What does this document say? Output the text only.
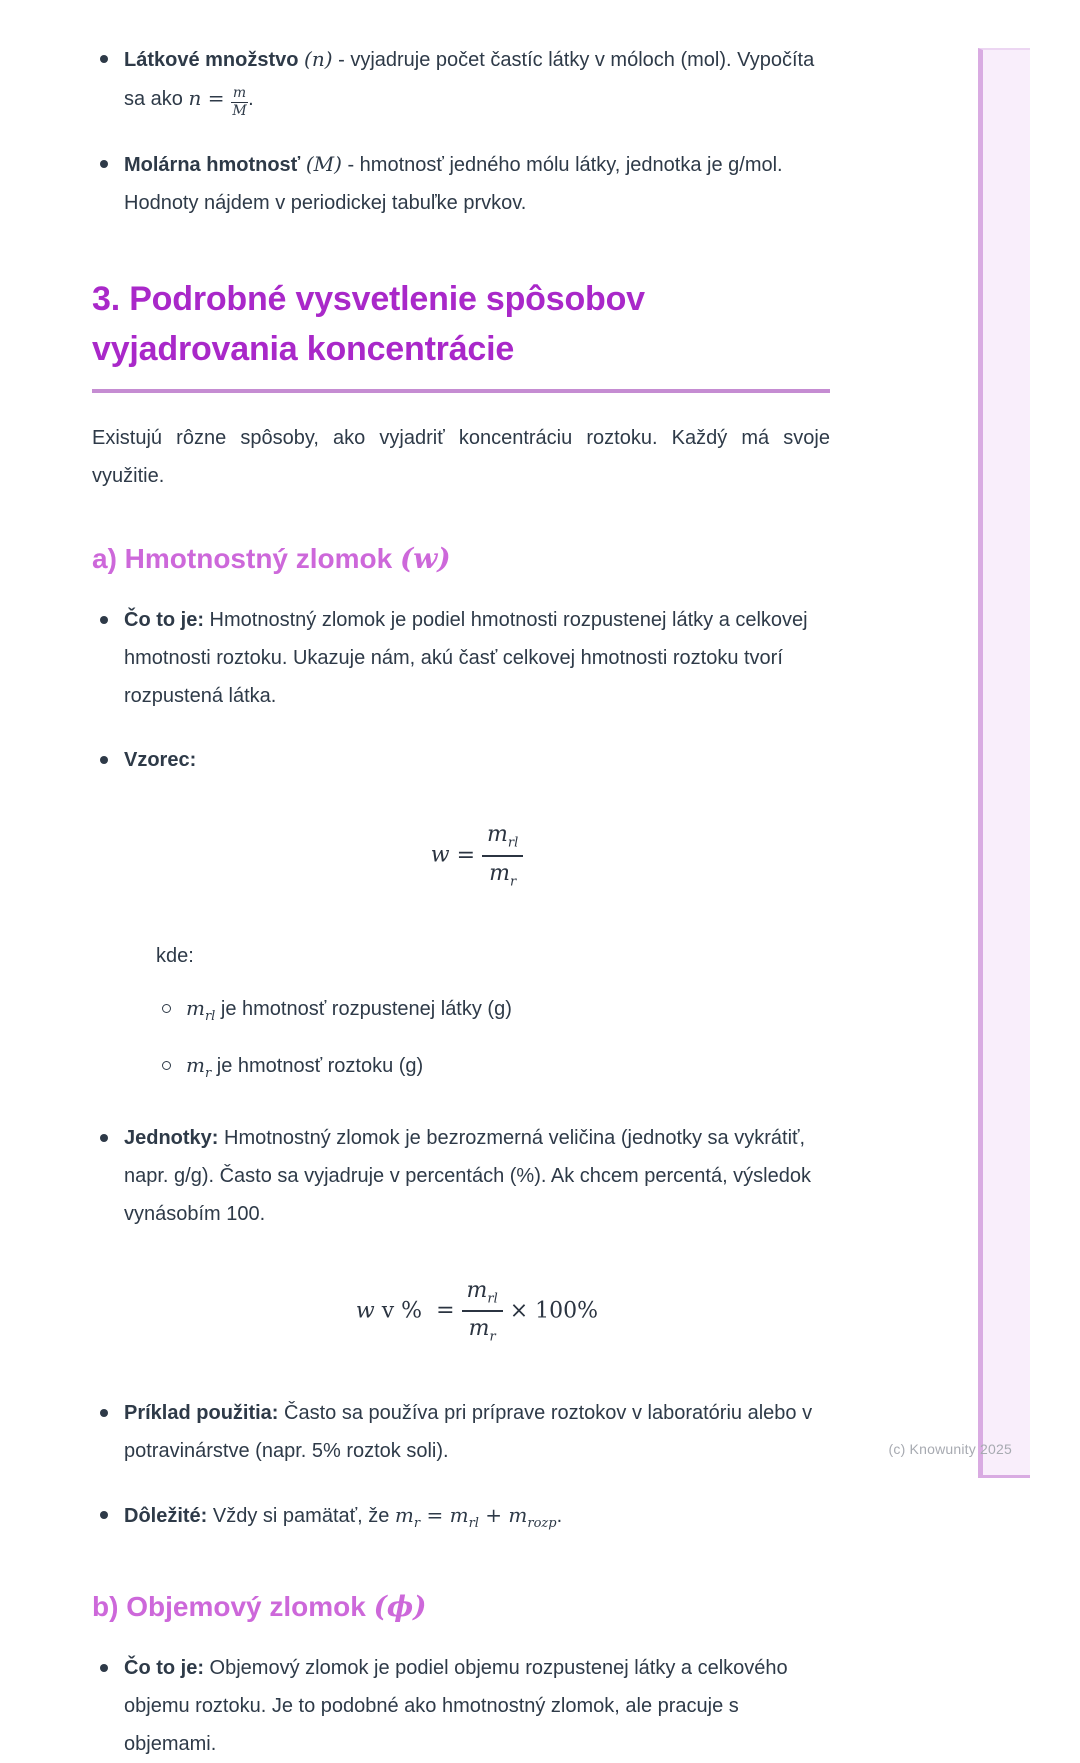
(c) Knowunity 2025
Látkové množstvo (n) - vyjadruje počet častíc látky v móloch (mol). Vypočíta sa ako $n = \frac{m}{M}$ .
Molárna hmotnosť (M) - hmotnosť jedného mólu látky, jednotka je g/mol. Hodnoty nájdem v periodickej tabuľke prvkov.
3. Podrobné vysvetlenie spôsobov
vyjadrovania koncentrácie
Existujú rôzne spôsoby, ako vyjadriť koncentráciu roztoku. Každý má svoje využitie.
a) Hmotnostný zlomok (w)
Čo to je: Hmotnostný zlomok je podiel hmotnosti rozpustenej látky a celkovej hmotnosti roztoku. Ukazuje nám, akú časť celkovej hmotnosti roztoku tvorí rozpustená látka.
Vzorec:
$w = \frac{m_{rl}}{m_r}$
kde:
$m_{rl}$ je hmotnosť rozpustenej látky (g)
$m_r$ je hmotnosť roztoku (g)
Jednotky: Hmotnostný zlomok je bezrozmerná veličina (jednotky sa vykrátiť, napr. g/g). Často sa vyjadruje v percentách (%). Ak chcem percentá, výsledok vynásobím 100.
w v % = $\frac{m_{rl}}{m_r} \times 100\%$
Príklad použitia: Často sa používa pri príprave roztokov v laboratóriu alebo v potravinárstve (napr. 5% roztok soli).
Dôležité: Vždy si pamätať, že $m_r = m_{rl} + m_{rozp}$.
b) Objemový zlomok (ϕ)
Čo to je: Objemový zlomok je podiel objemu rozpustenej látky a celkového objemu roztoku. Je to podobné ako hmotnostný zlomok, ale pracuje s objemami.
